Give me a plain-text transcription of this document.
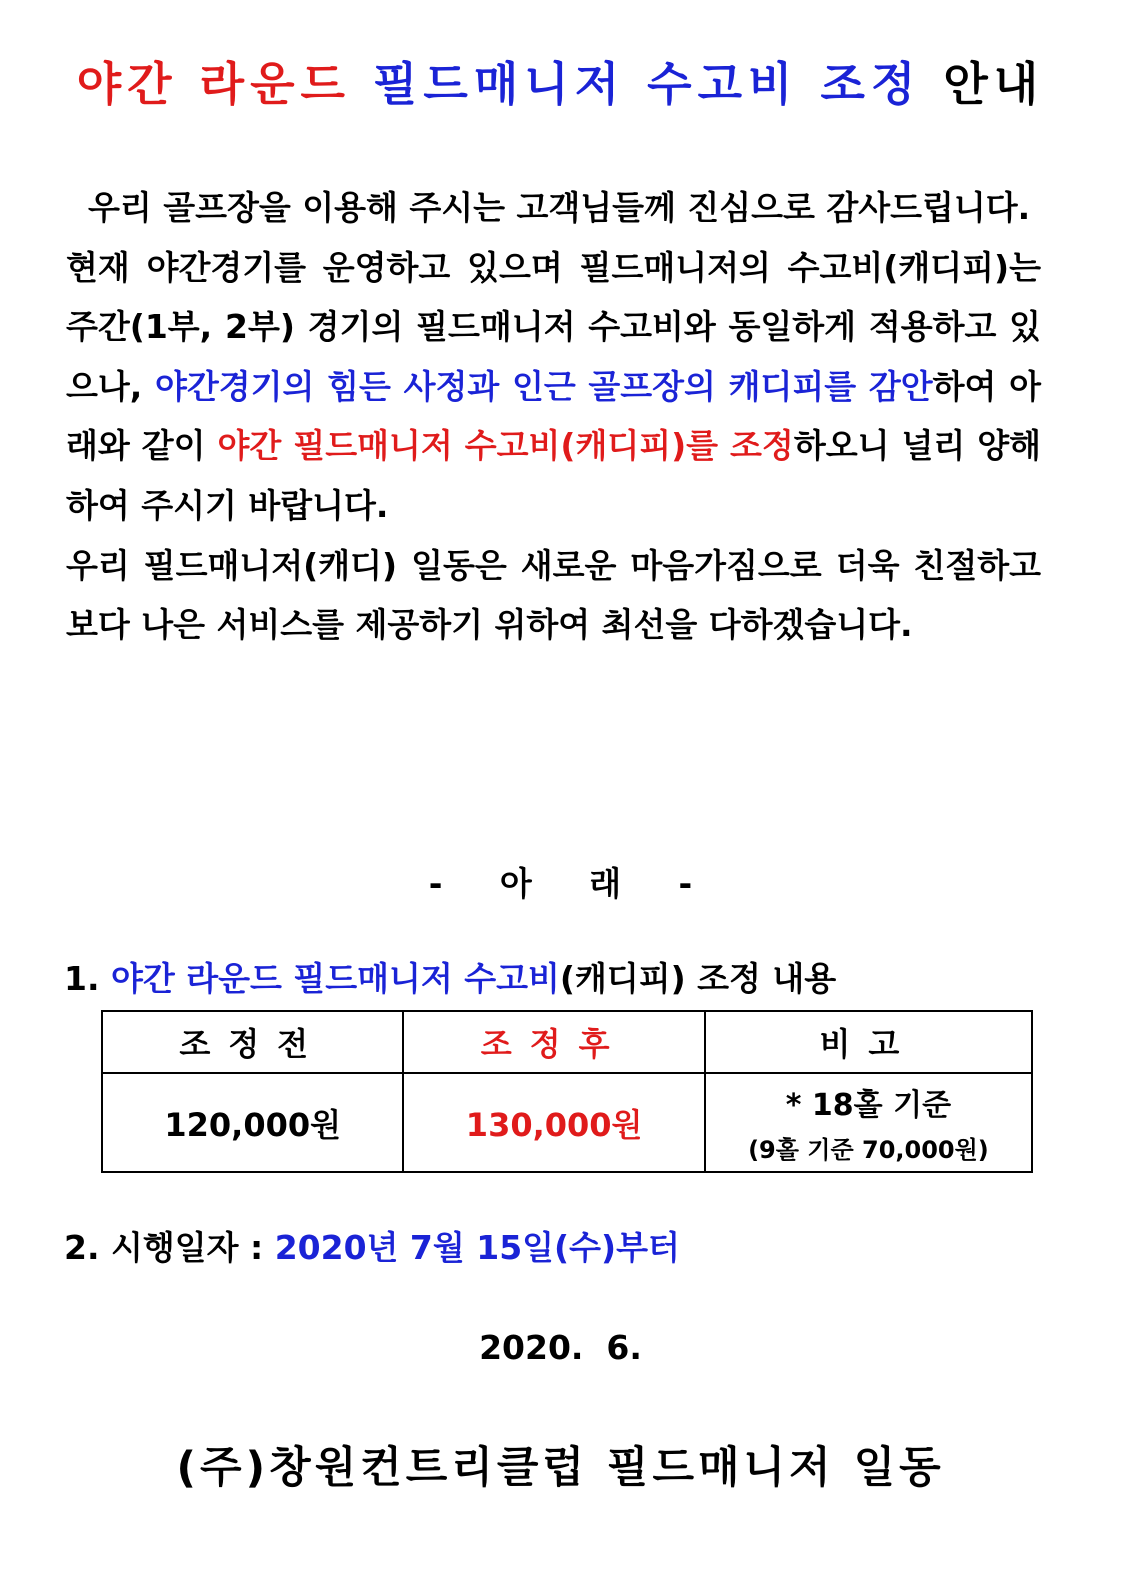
야간 라운드 필드매니저 수고비 조정 안내

우리 골프장을 이용해 주시는 고객님들께 진심으로 감사드립니다.

현재 야간경기를 운영하고 있으며 필드매니저의 수고비(캐디피)는 주간(1부, 2부) 경기의 필드매니저 수고비와 동일하게 적용하고 있으나, 야간경기의 힘든 사정과 인근 골프장의 캐디피를 감안하여 아래와 같이 야간 필드매니저 수고비(캐디피)를 조정하오니 널리 양해하여 주시기 바랍니다.

우리 필드매니저(캐디) 일동은 새로운 마음가짐으로 더욱 친절하고 보다 나은 서비스를 제공하기 위하여 최선을 다하겠습니다.

-     아     래     -
1. 야간 라운드 필드매니저 수고비(캐디피) 조정 내용
조정전	조정후	비고
120,000원	130,000원	* 18홀 기준
(9홀 기준 70,000원)
2. 시행일자 : 2020년 7월 15일(수)부터
2020.  6.
(주)창원컨트리클럽 필드매니저 일동
